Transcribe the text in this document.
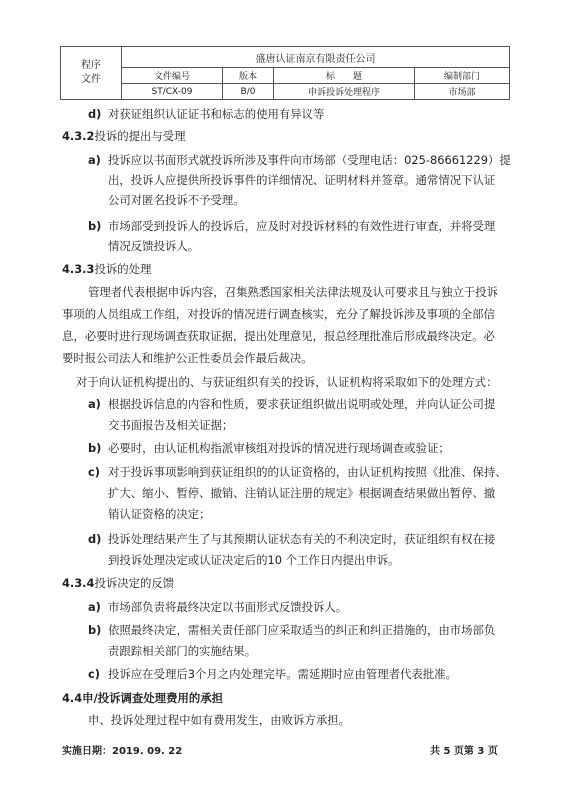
程序
文件	盛唐认证南京有限责任公司			
	文件编号	版本	标　　题	编制部门
	ST/CX-09	B/0	申诉投诉处理程序	市场部
d) 对获证组织认证证书和标志的使用有异议等
4.3.2投诉的提出与受理
a) 投诉应以书面形式就投诉所涉及事件向市场部（受理电话：025-86661229）提
出，投诉人应提供所投诉事件的详细情况、证明材料并签章。通常情况下认证
公司对匿名投诉不予受理。
b) 市场部受到投诉人的投诉后，应及时对投诉材料的有效性进行审查，并将受理
情况反馈投诉人。
4.3.3投诉的处理
管理者代表根据申诉内容，召集熟悉国家相关法律法规及认可要求且与独立于投诉
事项的人员组成工作组，对投诉的情况进行调查核实，充分了解投诉涉及事项的全部信
息，必要时进行现场调查获取证据，提出处理意见，报总经理批准后形成最终决定。必
要时报公司法人和维护公正性委员会作最后裁决。
对于向认证机构提出的、与获证组织有关的投诉，认证机构将采取如下的处理方式：
a) 根据投诉信息的内容和性质，要求获证组织做出说明或处理，并向认证公司提
交书面报告及相关证据；
b) 必要时，由认证机构指派审核组对投诉的情况进行现场调查或验证；
c) 对于投诉事项影响到获证组织的的认证资格的，由认证机构按照《批准、保持、
扩大、缩小、暂停、撤销、注销认证注册的规定》根据调查结果做出暂停、撤
销认证资格的决定；
d) 投诉处理结果产生了与其预期认证状态有关的不利决定时，获证组织有权在接
到投诉处理决定或认证决定后的10 个工作日内提出申诉。
4.3.4投诉决定的反馈
a) 市场部负责将最终决定以书面形式反馈投诉人。
b) 依照最终决定，需相关责任部门应采取适当的纠正和纠正措施的，由市场部负
责跟踪相关部门的实施结果。
c) 投诉应在受理后3个月之内处理完毕。需延期时应由管理者代表批准。
4.4申/投诉调查处理费用的承担
申、投诉处理过程中如有费用发生，由败诉方承担。
实施日期：2019. 09. 22	共 5 页第 3 页
